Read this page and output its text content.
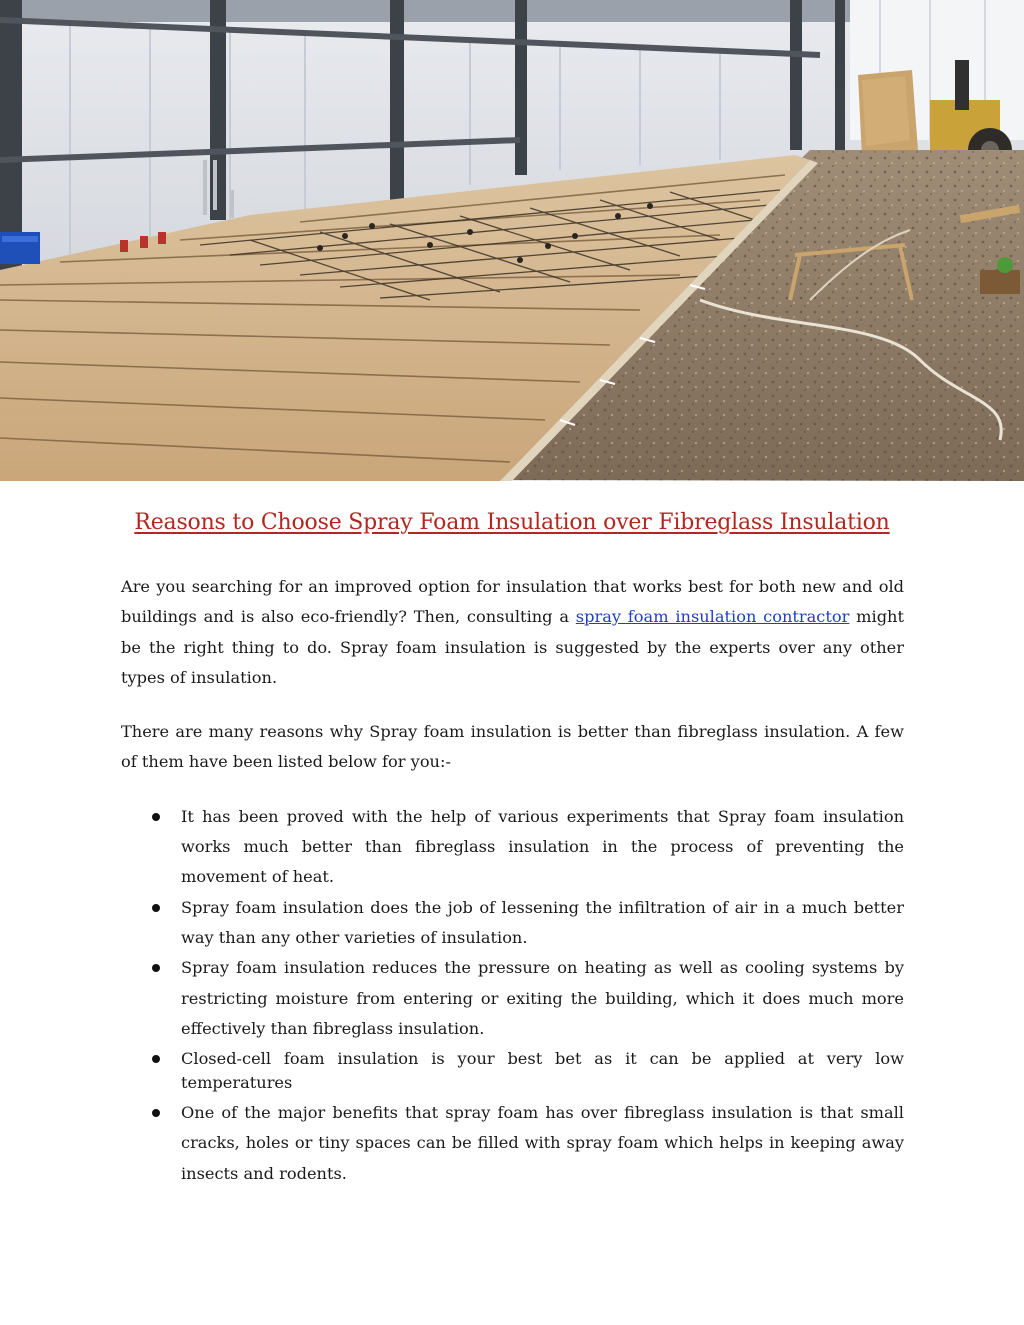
Reasons to Choose Spray Foam Insulation over Fibreglass Insulation

Are you searching for an improved option for insulation that works best for both new and old buildings and is also eco-friendly? Then, consulting a spray foam insulation contractor might be the right thing to do. Spray foam insulation is suggested by the experts over any other types of insulation.

There are many reasons why Spray foam insulation is better than fibreglass insulation. A few of them have been listed below for you:-

It has been proved with the help of various experiments that Spray foam insulation works much better than fibreglass insulation in the process of preventing the movement of heat.
Spray foam insulation does the job of lessening the infiltration of air in a much better way than any other varieties of insulation.
Spray foam insulation reduces the pressure on heating as well as cooling systems by restricting moisture from entering or exiting the building, which it does much more effectively than fibreglass insulation.
Closed-cell foam insulation is your best bet as it can be applied at very low temperatures
One of the major benefits that spray foam has over fibreglass insulation is that small cracks, holes or tiny spaces can be filled with spray foam which helps in keeping away insects and rodents.
